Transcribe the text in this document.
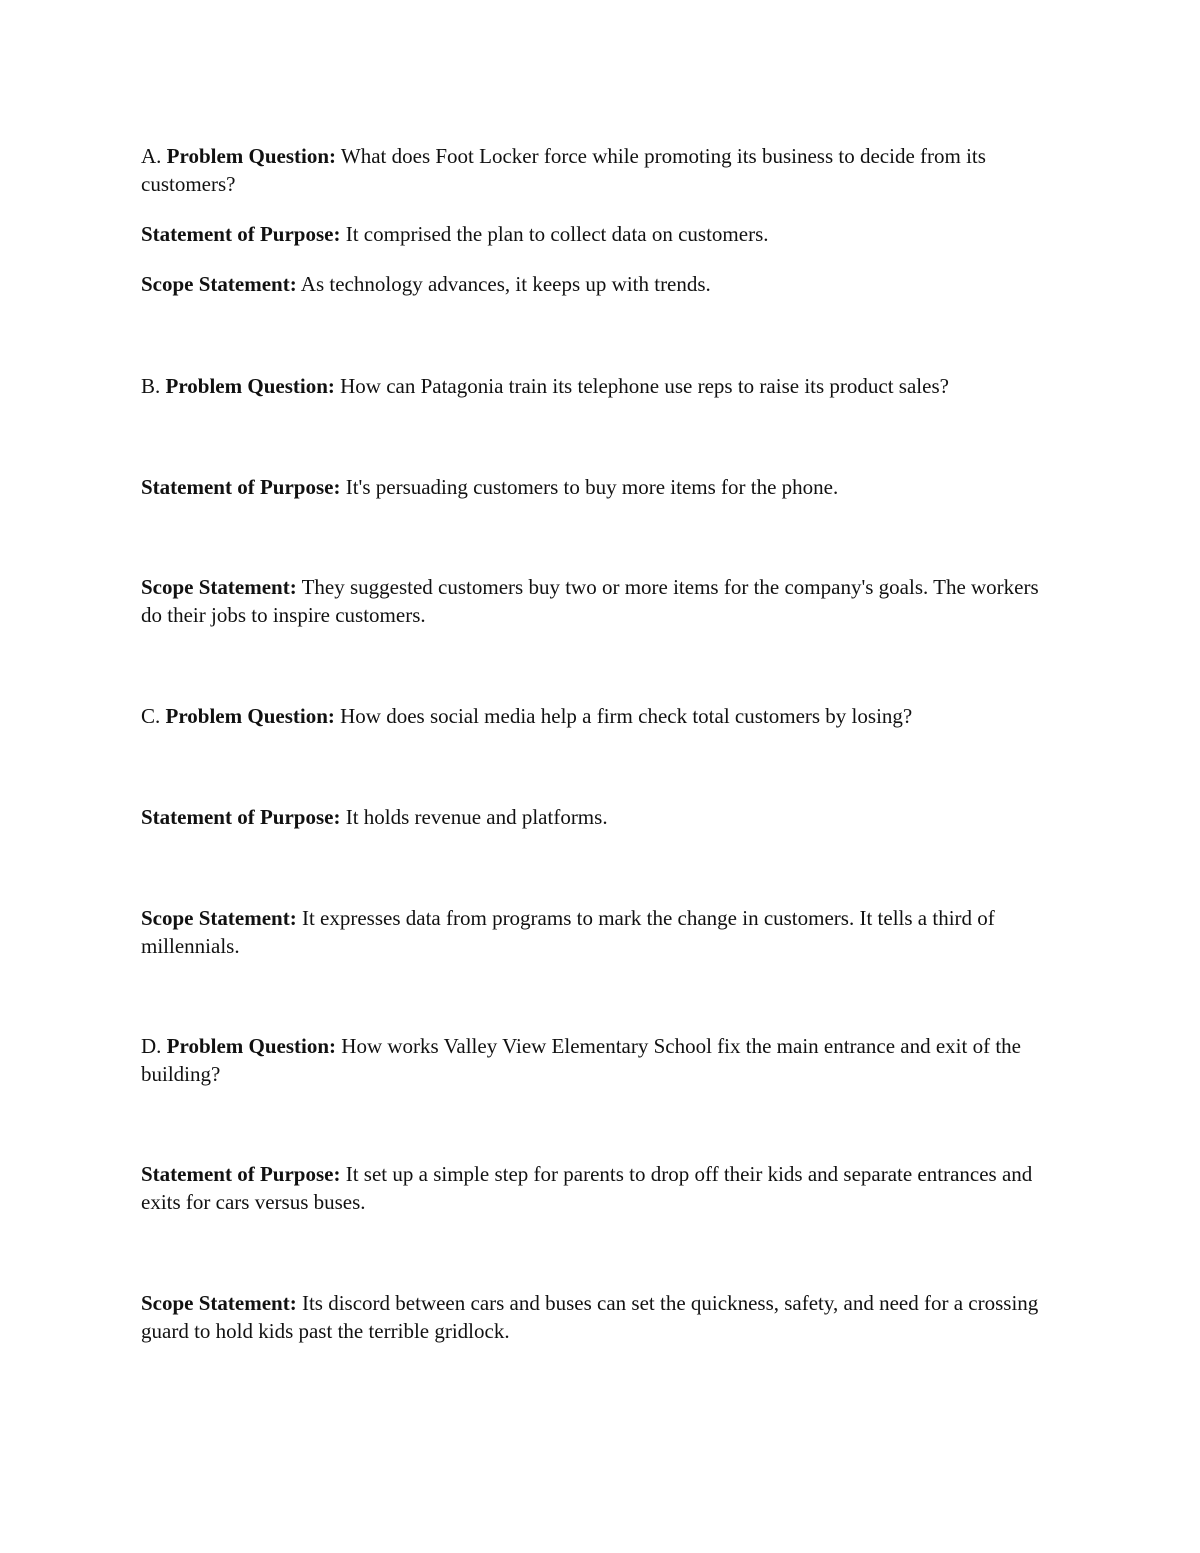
A. Problem Question: What does Foot Locker force while promoting its business to decide from its customers?

Statement of Purpose: It comprised the plan to collect data on customers.

Scope Statement: As technology advances, it keeps up with trends.

B. Problem Question: How can Patagonia train its telephone use reps to raise its product sales?

Statement of Purpose: It's persuading customers to buy more items for the phone.

Scope Statement: They suggested customers buy two or more items for the company's goals. The workers do their jobs to inspire customers.

C. Problem Question: How does social media help a firm check total customers by losing?

Statement of Purpose: It holds revenue and platforms.

Scope Statement: It expresses data from programs to mark the change in customers. It tells a third of millennials.

D. Problem Question: How works Valley View Elementary School fix the main entrance and exit of the building?

Statement of Purpose: It set up a simple step for parents to drop off their kids and separate entrances and exits for cars versus buses.

Scope Statement: Its discord between cars and buses can set the quickness, safety, and need for a crossing guard to hold kids past the terrible gridlock.
